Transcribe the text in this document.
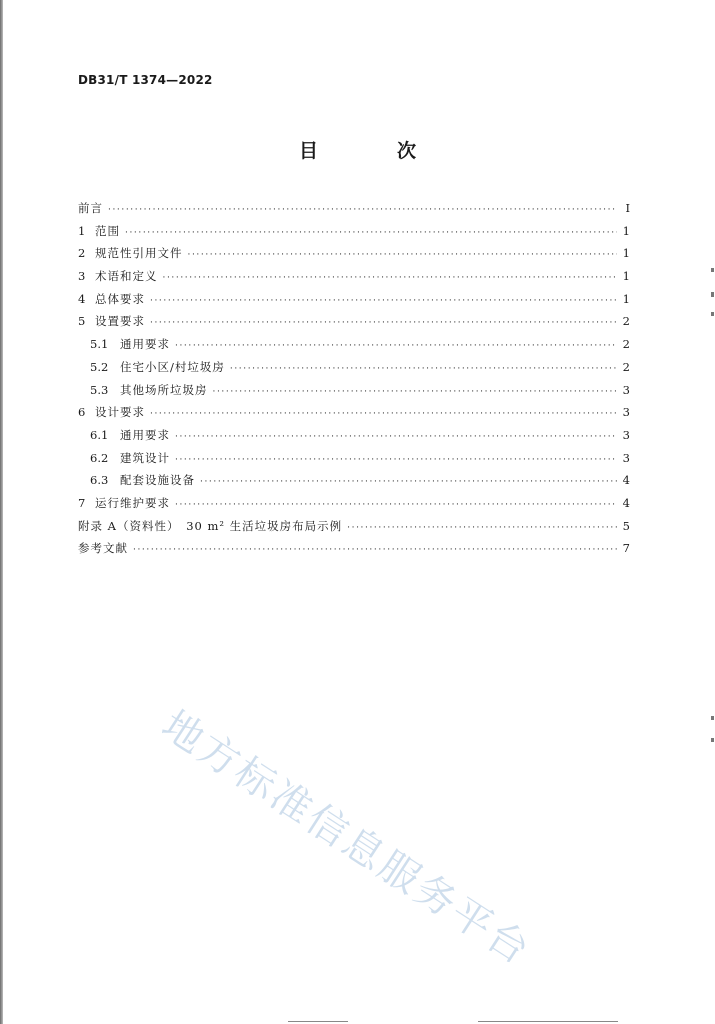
DB31/T 1374—2022
目　次
前言 ·····	Ⅰ
1 范围 ·····	1
2 规范性引用文件 ·····	1
3 术语和定义 ·····	1
4 总体要求 ·····	1
5 设置要求 ·····	2
5.1	通用要求 ·····	2
5.2	住宅小区/村垃圾房 ·····	2
5.3	其他场所垃圾房 ·····	3
6 设计要求 ·····	3
6.1	通用要求 ·····	3
6.2	建筑设计 ·····	3
6.3	配套设施设备 ·····	4
7 运行维护要求 ·····	4
附录 A（资料性）　30 m² 生活垃圾房布局示例 ·····	5
参考文献 ·····	7
地方标准信息服务平台
